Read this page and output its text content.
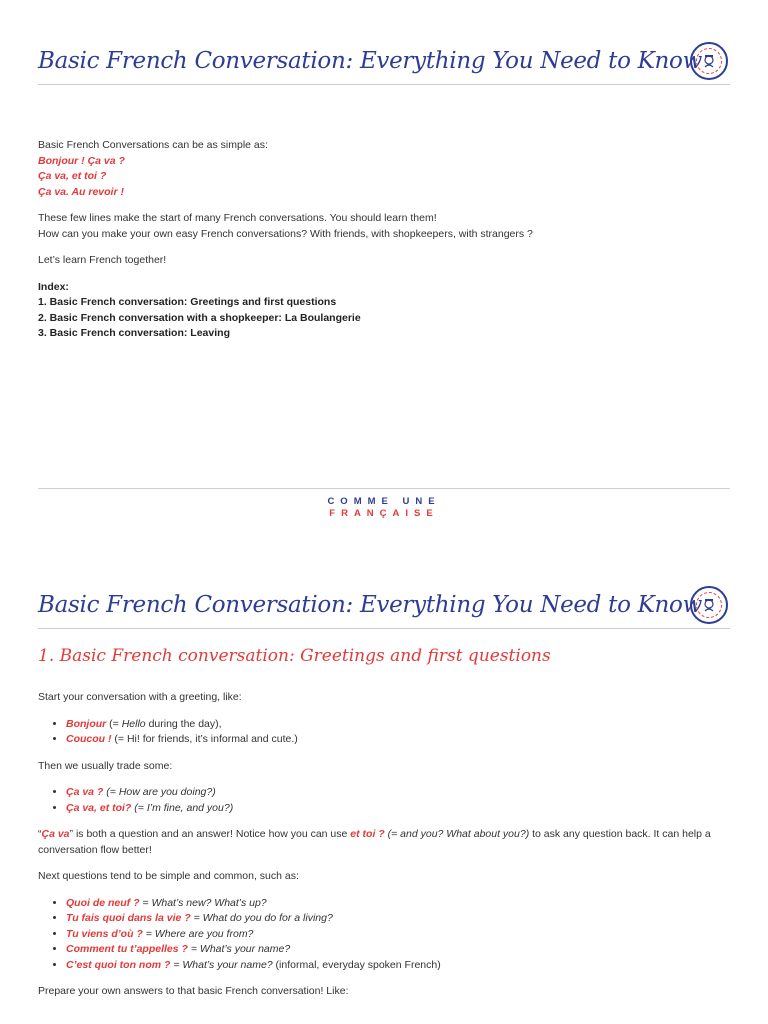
Basic French Conversation: Everything You Need to Know

Basic French Conversations can be as simple as:

Bonjour ! Ça va ?

Ça va, et toi ?

Ça va. Au revoir !

These few lines make the start of many French conversations. You should learn them!

How can you make your own easy French conversations? With friends, with shopkeepers, with strangers ?

Let’s learn French together!

Index:

1. Basic French conversation: Greetings and first questions

2. Basic French conversation with a shopkeeper: La Boulangerie

3. Basic French conversation: Leaving

COMME UNE
FRANÇAISE
Basic French Conversation: Everything You Need to Know
1. Basic French conversation: Greetings and first questions

Start your conversation with a greeting, like:

• Bonjour (= Hello during the day),
• Coucou ! (= Hi! for friends, it’s informal and cute.)

Then we usually trade some:

• Ça va ? (= How are you doing?)
• Ça va, et toi? (= I’m fine, and you?)

“Ça va” is both a question and an answer! Notice how you can use et toi ? (= and you? What about you?) to ask any question back. It can help a conversation flow better!

Next questions tend to be simple and common, such as:

• Quoi de neuf ? = What’s new? What’s up?
• Tu fais quoi dans la vie ? = What do you do for a living?
• Tu viens d’où ? = Where are you from?
• Comment tu t’appelles ? = What’s your name?
• C’est quoi ton nom ? = What’s your name? (informal, everyday spoken French)

Prepare your own answers to that basic French conversation! Like:
